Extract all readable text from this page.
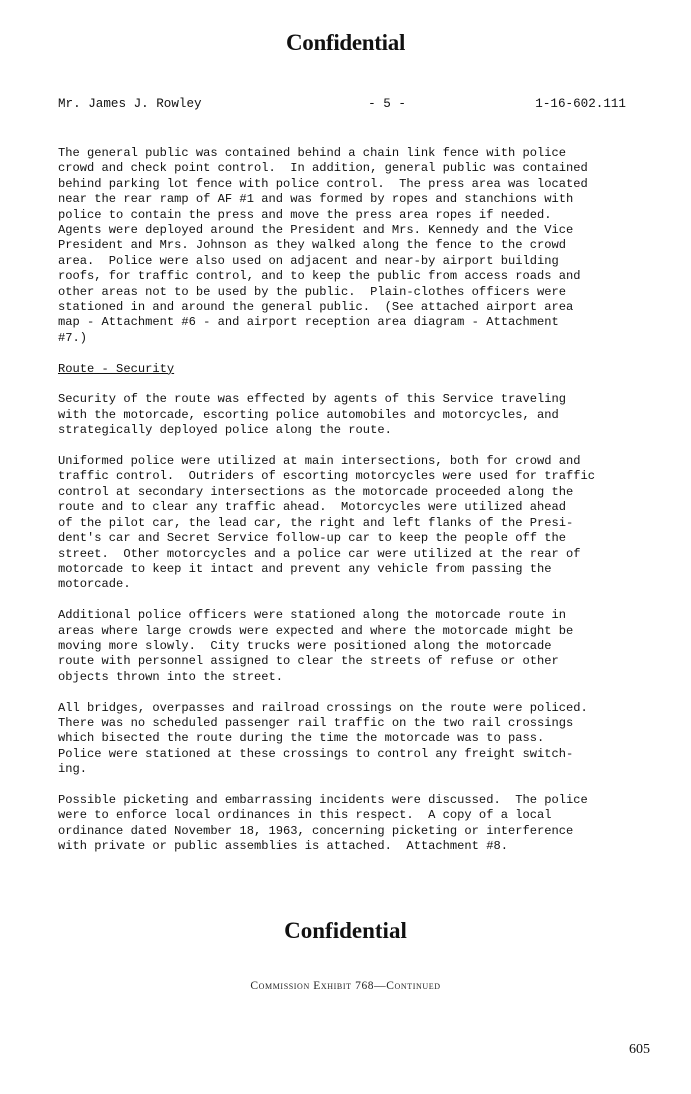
Confidential
Mr. James J. Rowley	- 5 -	1-16-602.111

The general public was contained behind a chain link fence with police
crowd and check point control.  In addition, general public was contained
behind parking lot fence with police control.  The press area was located
near the rear ramp of AF #1 and was formed by ropes and stanchions with
police to contain the press and move the press area ropes if needed.
Agents were deployed around the President and Mrs. Kennedy and the Vice
President and Mrs. Johnson as they walked along the fence to the crowd
area.  Police were also used on adjacent and near-by airport building
roofs, for traffic control, and to keep the public from access roads and
other areas not to be used by the public.  Plain-clothes officers were
stationed in and around the general public.  (See attached airport area
map - Attachment #6 - and airport reception area diagram - Attachment
#7.)

Route - Security

Security of the route was effected by agents of this Service traveling
with the motorcade, escorting police automobiles and motorcycles, and
strategically deployed police along the route.

Uniformed police were utilized at main intersections, both for crowd and
traffic control.  Outriders of escorting motorcycles were used for traffic
control at secondary intersections as the motorcade proceeded along the
route and to clear any traffic ahead.  Motorcycles were utilized ahead
of the pilot car, the lead car, the right and left flanks of the Presi-
dent's car and Secret Service follow-up car to keep the people off the
street.  Other motorcycles and a police car were utilized at the rear of
motorcade to keep it intact and prevent any vehicle from passing the
motorcade.

Additional police officers were stationed along the motorcade route in
areas where large crowds were expected and where the motorcade might be
moving more slowly.  City trucks were positioned along the motorcade
route with personnel assigned to clear the streets of refuse or other
objects thrown into the street.

All bridges, overpasses and railroad crossings on the route were policed.
There was no scheduled passenger rail traffic on the two rail crossings
which bisected the route during the time the motorcade was to pass.
Police were stationed at these crossings to control any freight switch-
ing.

Possible picketing and embarrassing incidents were discussed.  The police
were to enforce local ordinances in this respect.  A copy of a local
ordinance dated November 18, 1963, concerning picketing or interference
with private or public assemblies is attached.  Attachment #8.

Confidential
Commission Exhibit 768—Continued
605
